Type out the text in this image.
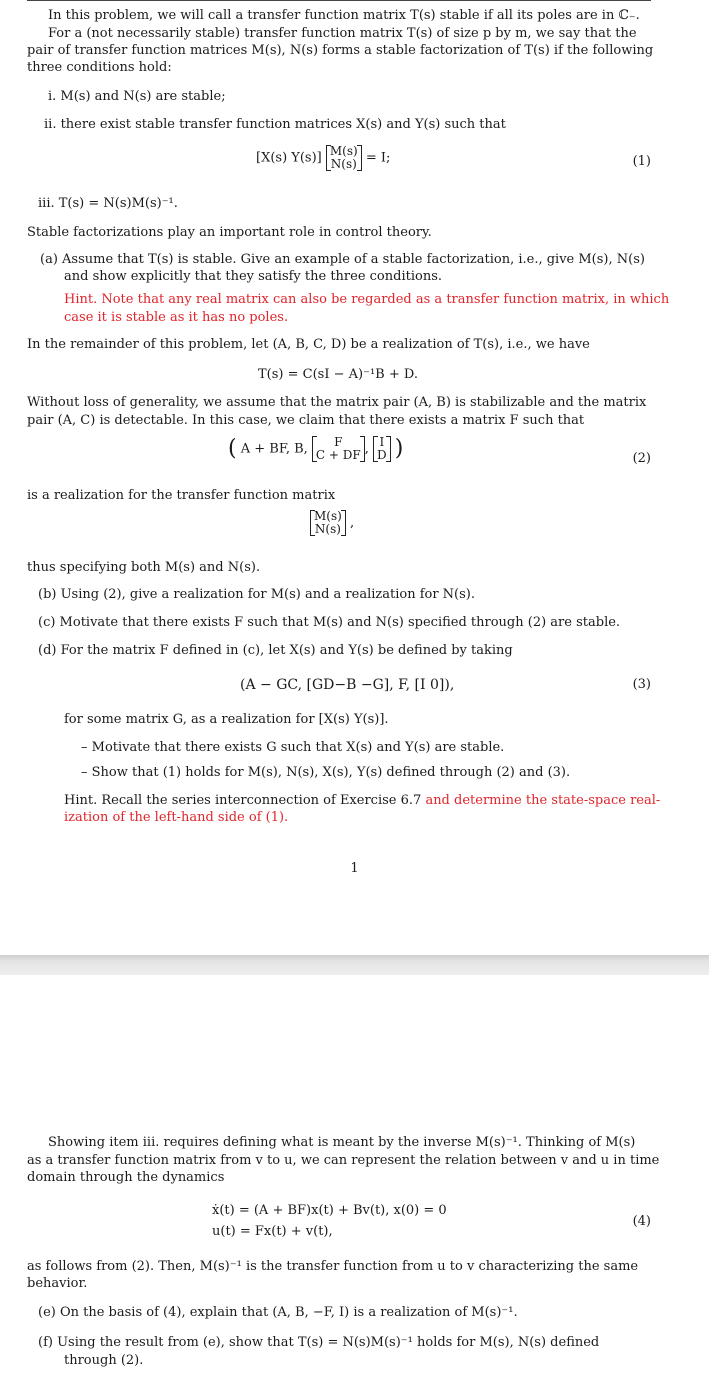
In this problem, we will call a transfer function matrix T(s) stable if all its poles are in ℂ₋.
For a (not necessarily stable) transfer function matrix T(s) of size p by m, we say that the
pair of transfer function matrices M(s), N(s) forms a stable factorization of T(s) if the following
three conditions hold:
i. M(s) and N(s) are stable;
ii. there exist stable transfer function matrices X(s) and Y(s) such that
[X(s) Y(s)] M(s)
N(s) = I;	(1)
iii. T(s) = N(s)M(s)⁻¹.
Stable factorizations play an important role in control theory.
(a) Assume that T(s) is stable. Give an example of a stable factorization, i.e., give M(s), N(s)
and show explicitly that they satisfy the three conditions.
Hint. Note that any real matrix can also be regarded as a transfer function matrix, in which
case it is stable as it has no poles.
In the remainder of this problem, let (A, B, C, D) be a realization of T(s), i.e., we have
T(s) = C(sI − A)⁻¹B + D.
Without loss of generality, we assume that the matrix pair (A, B) is stabilizable and the matrix
pair (A, C) is detectable. In this case, we claim that there exists a matrix F such that
( A + BF, B, F
C + DF , I
D )	(2)
is a realization for the transfer function matrix
M(s)
N(s) ,
thus specifying both M(s) and N(s).
(b) Using (2), give a realization for M(s) and a realization for N(s).
(c) Motivate that there exists F such that M(s) and N(s) specified through (2) are stable.
(d) For the matrix F defined in (c), let X(s) and Y(s) be defined by taking
(A − GC, [GD−B −G], F, [I 0]),	(3)
for some matrix G, as a realization for [X(s) Y(s)].
– Motivate that there exists G such that X(s) and Y(s) are stable.
– Show that (1) holds for M(s), N(s), X(s), Y(s) defined through (2) and (3).
Hint. Recall the series interconnection of Exercise 6.7 and determine the state-space real-
ization of the left-hand side of (1).
1
Showing item iii. requires defining what is meant by the inverse M(s)⁻¹. Thinking of M(s)
as a transfer function matrix from v to u, we can represent the relation between v and u in time
domain through the dynamics
ẋ(t) = (A + BF)x(t) + Bv(t), x(0) = 0
u(t) = Fx(t) + v(t),
(4)
as follows from (2). Then, M(s)⁻¹ is the transfer function from u to v characterizing the same
behavior.
(e) On the basis of (4), explain that (A, B, −F, I) is a realization of M(s)⁻¹.
(f) Using the result from (e), show that T(s) = N(s)M(s)⁻¹ holds for M(s), N(s) defined
through (2).
